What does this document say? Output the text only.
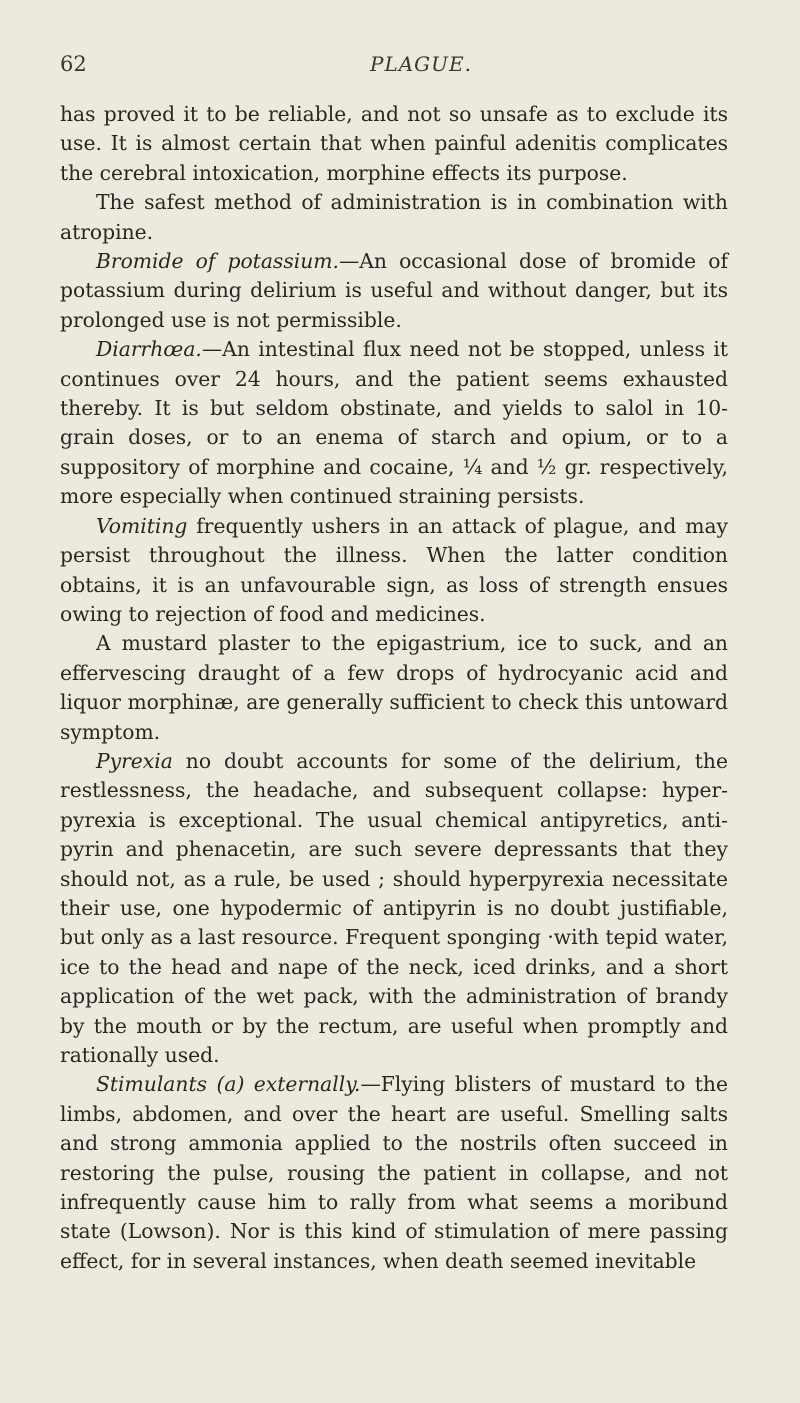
62	PLAGUE.

has proved it to be reliable, and not so unsafe as to exclude its use. It is almost certain that when painful adenitis complicates the cerebral intoxication, morphine effects its purpose.

The safest method of administration is in combination with atropine.

Bromide of potassium.—An occasional dose of bromide of potassium during delirium is useful and without danger, but its prolonged use is not permissible.

Diarrhœa.—An intestinal flux need not be stopped, unless it continues over 24 hours, and the patient seems exhausted thereby. It is but seldom obstinate, and yields to salol in 10-grain doses, or to an enema of starch and opium, or to a suppository of morphine and cocaine, ¼ and ½ gr. respectively, more especially when continued straining persists.

Vomiting frequently ushers in an attack of plague, and may persist throughout the illness. When the latter condition obtains, it is an unfavourable sign, as loss of strength ensues owing to rejection of food and medicines.

A mustard plaster to the epigastrium, ice to suck, and an effervescing draught of a few drops of hydrocyanic acid and liquor morphinæ, are generally sufficient to check this untoward symptom.

Pyrexia no doubt accounts for some of the delirium, the restlessness, the headache, and subsequent collapse: hyper-pyrexia is exceptional. The usual chemical antipyretics, anti-pyrin and phenacetin, are such severe depressants that they should not, as a rule, be used ; should hyperpyrexia necessitate their use, one hypodermic of antipyrin is no doubt justifiable, but only as a last resource. Frequent sponging ·with tepid water, ice to the head and nape of the neck, iced drinks, and a short application of the wet pack, with the administration of brandy by the mouth or by the rectum, are useful when promptly and rationally used.

Stimulants (a) externally.—Flying blisters of mustard to the limbs, abdomen, and over the heart are useful. Smelling salts and strong ammonia applied to the nostrils often succeed in restoring the pulse, rousing the patient in collapse, and not infrequently cause him to rally from what seems a moribund state (Lowson). Nor is this kind of stimulation of mere passing effect, for in several instances, when death seemed inevitable
